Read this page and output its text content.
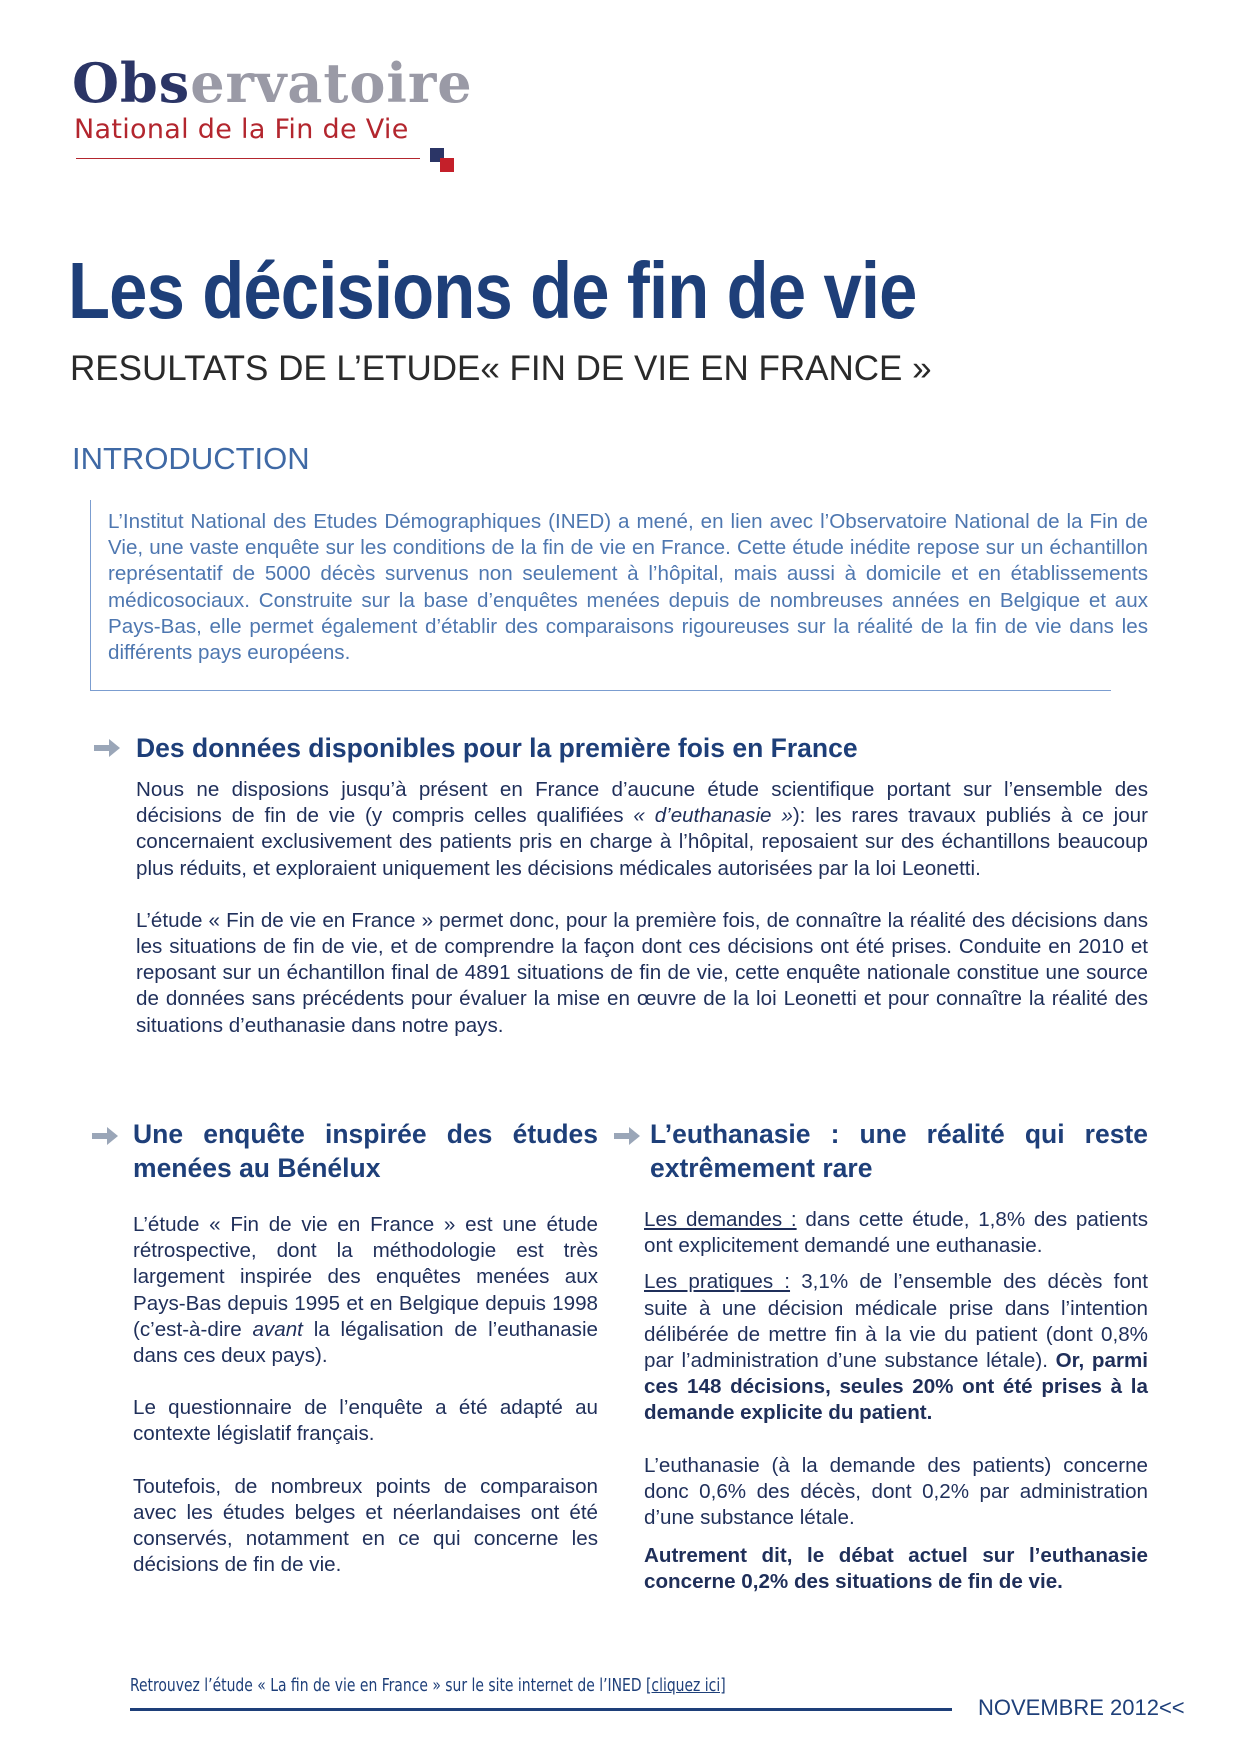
Observatoire
National de la Fin de Vie
Les décisions de fin de vie
RESULTATS DE L’ETUDE« FIN DE VIE EN FRANCE »
INTRODUCTION
L’Institut National des Etudes Démographiques (INED) a mené, en lien avec l’Observatoire National de la Fin de Vie, une vaste enquête sur les conditions de la fin de vie en France. Cette étude inédite repose sur un échantillon représentatif de 5000 décès survenus non seulement à l’hôpital, mais aussi à domicile et en établissements médicosociaux. Construite sur la base d’enquêtes menées depuis de nombreuses années en Belgique et aux Pays-Bas, elle permet également d’établir des comparaisons rigoureuses sur la réalité de la fin de vie dans les différents pays européens.
Des données disponibles pour la première fois en France

Nous ne disposions jusqu’à présent en France d’aucune étude scientifique portant sur l’ensemble des décisions de fin de vie (y compris celles qualifiées « d’euthanasie »): les rares travaux publiés à ce jour concernaient exclusivement des patients pris en charge à l’hôpital, reposaient sur des échantillons beaucoup plus réduits, et exploraient uniquement les décisions médicales autorisées par la loi Leonetti.

L’étude « Fin de vie en France » permet donc, pour la première fois, de connaître la réalité des décisions dans les situations de fin de vie, et de comprendre la façon dont ces décisions ont été prises. Conduite en 2010 et reposant sur un échantillon final de 4891 situations de fin de vie, cette enquête nationale constitue une source de données sans précédents pour évaluer la mise en œuvre de la loi Leonetti et pour connaître la réalité des situations d’euthanasie dans notre pays.

Une enquête inspirée des études menées au Bénélux

L’étude « Fin de vie en France » est une étude rétrospective, dont la méthodologie est très largement inspirée des enquêtes menées aux Pays-Bas depuis 1995 et en Belgique depuis 1998 (c’est-à-dire avant la légalisation de l’euthanasie dans ces deux pays).

Le questionnaire de l’enquête a été adapté au contexte législatif français.

Toutefois, de nombreux points de comparaison avec les études belges et néerlandaises ont été conservés, notamment en ce qui concerne les décisions de fin de vie.

L’euthanasie : une réalité qui reste extrêmement rare

Les demandes : dans cette étude, 1,8% des patients ont explicitement demandé une euthanasie.

Les pratiques : 3,1% de l’ensemble des décès font suite à une décision médicale prise dans l’intention délibérée de mettre fin à la vie du patient (dont 0,8% par l’administration d’une substance létale). Or, parmi ces 148 décisions, seules 20% ont été prises à la demande explicite du patient.

L’euthanasie (à la demande des patients) concerne donc 0,6% des décès, dont 0,2% par administration d’une substance létale.

Autrement dit, le débat actuel sur l’euthanasie concerne 0,2% des situations de fin de vie.

Retrouvez l’étude « La fin de vie en France » sur le site internet de l’INED [cliquez ici]
NOVEMBRE 2012<<
